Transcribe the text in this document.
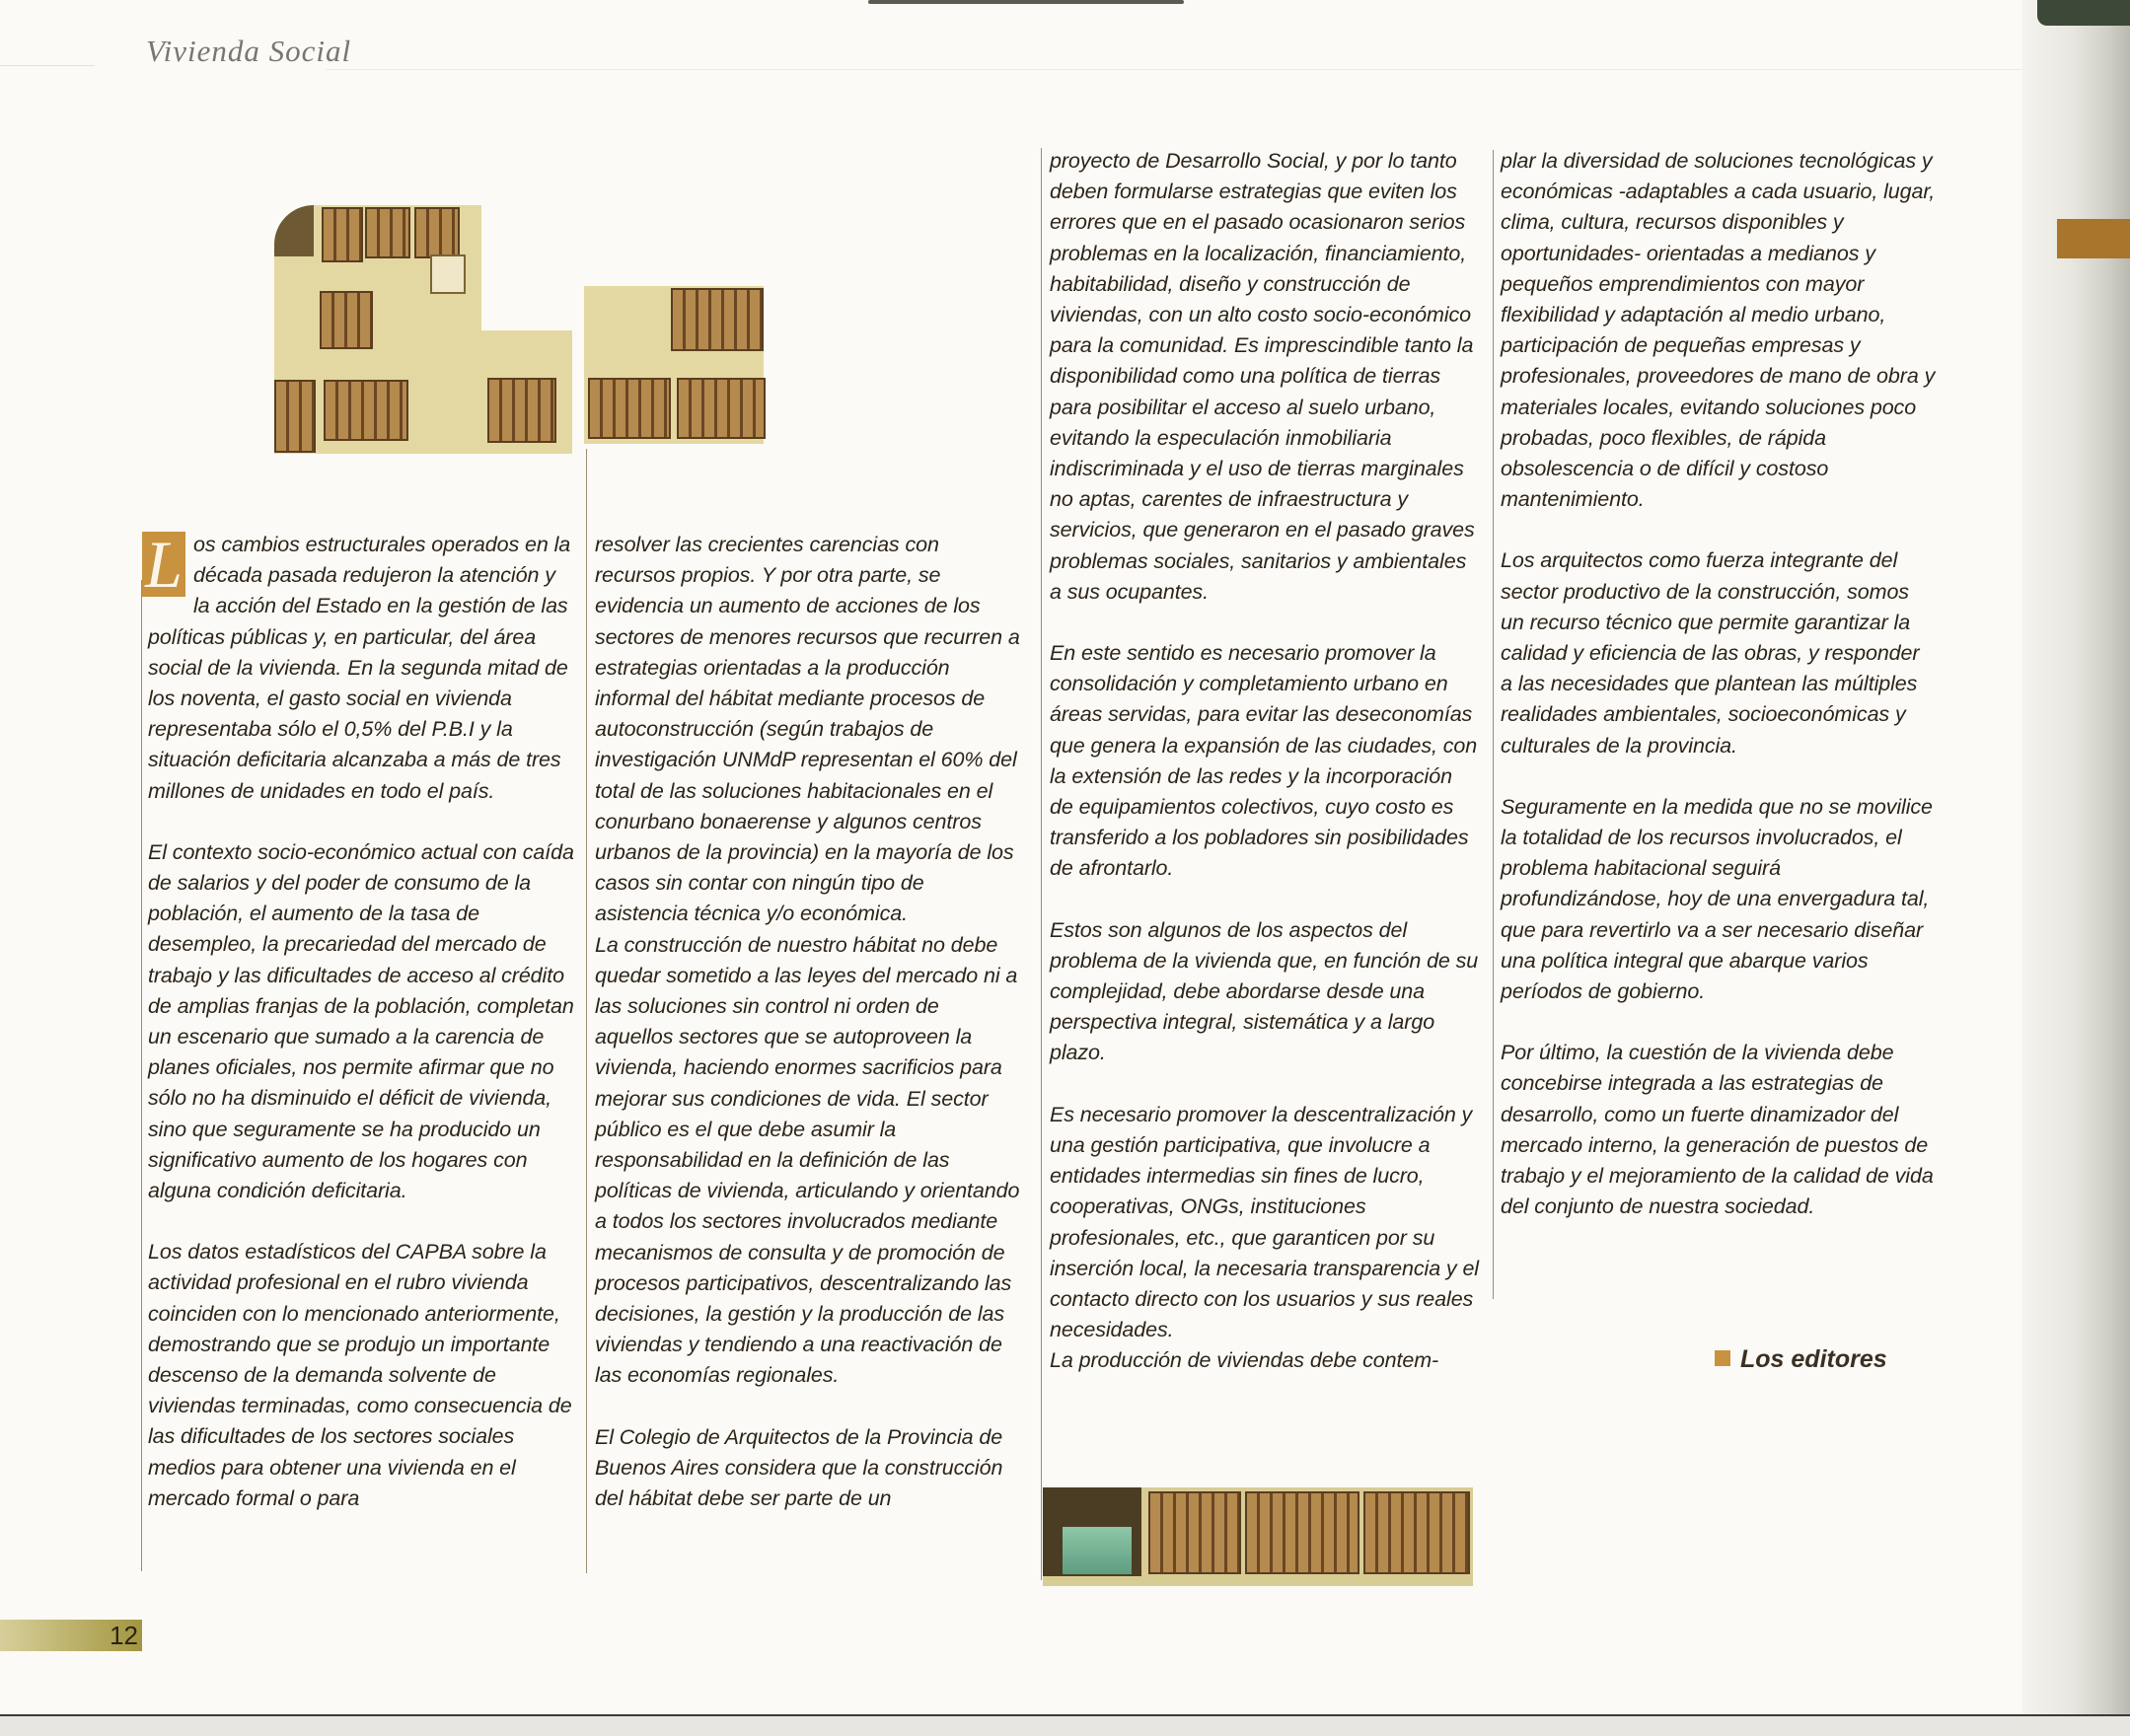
Vivienda Social

L os cambios estructurales operados en la década pasada redujeron la atención y la acción del Estado en la gestión de las políticas públicas y, en particular, del área social de la vivienda. En la segunda mitad de los noventa, el gasto social en vivienda representaba sólo el 0,5% del P.B.I y la situación deficitaria alcanzaba a más de tres millones de unidades en todo el país.

El contexto socio-económico actual con caída de salarios y del poder de consumo de la población, el aumento de la tasa de desempleo, la precariedad del mercado de trabajo y las dificultades de acceso al crédito de amplias franjas de la población, completan un escenario que sumado a la carencia de planes oficiales, nos permite afirmar que no sólo no ha disminuido el déficit de vivienda, sino que seguramente se ha producido un significativo aumento de los hogares con alguna condición deficitaria.

Los datos estadísticos del CAPBA sobre la actividad profesional en el rubro vivienda coinciden con lo mencionado anteriormente, demostrando que se produjo un importante descenso de la demanda solvente de viviendas terminadas, como consecuencia de las dificultades de los sectores sociales medios para obtener una vivienda en el mercado formal o para

resolver las crecientes carencias con recursos propios. Y por otra parte, se evidencia un aumento de acciones de los sectores de menores recursos que recurren a estrategias orientadas a la producción informal del hábitat mediante procesos de autoconstrucción (según trabajos de investigación UNMdP representan el 60% del total de las soluciones habitacionales en el conurbano bonaerense y algunos centros urbanos de la provincia) en la mayoría de los casos sin contar con ningún tipo de asistencia técnica y/o económica.

La construcción de nuestro hábitat no debe quedar sometido a las leyes del mercado ni a las soluciones sin control ni orden de aquellos sectores que se autoproveen la vivienda, haciendo enormes sacrificios para mejorar sus condiciones de vida. El sector público es el que debe asumir la responsabilidad en la definición de las políticas de vivienda, articulando y orientando a todos los sectores involucrados mediante mecanismos de consulta y de promoción de procesos participativos, descentralizando las decisiones, la gestión y la producción de las viviendas y tendiendo a una reactivación de las economías regionales.

El Colegio de Arquitectos de la Provincia de Buenos Aires considera que la construcción del hábitat debe ser parte de un

proyecto de Desarrollo Social, y por lo tanto deben formularse estrategias que eviten los errores que en el pasado ocasionaron serios problemas en la localización, financiamiento, habitabilidad, diseño y construcción de viviendas, con un alto costo socio-económico para la comunidad. Es imprescindible tanto la disponibilidad como una política de tierras para posibilitar el acceso al suelo urbano, evitando la especulación inmobiliaria indiscriminada y el uso de tierras marginales no aptas, carentes de infraestructura y servicios, que generaron en el pasado graves problemas sociales, sanitarios y ambientales a sus ocupantes.

En este sentido es necesario promover la consolidación y completamiento urbano en áreas servidas, para evitar las deseconomías que genera la expansión de las ciudades, con la extensión de las redes y la incorporación de equipamientos colectivos, cuyo costo es transferido a los pobladores sin posibilidades de afrontarlo.

Estos son algunos de los aspectos del problema de la vivienda que, en función de su complejidad, debe abordarse desde una perspectiva integral, sistemática y a largo plazo.

Es necesario promover la descentralización y una gestión participativa, que involucre a entidades intermedias sin fines de lucro, cooperativas, ONGs, instituciones profesionales, etc., que garanticen por su inserción local, la necesaria transparencia y el contacto directo con los usuarios y sus reales necesidades.

La producción de viviendas debe contem-

plar la diversidad de soluciones tecnológicas y económicas -adaptables a cada usuario, lugar, clima, cultura, recursos disponibles y oportunidades- orientadas a medianos y pequeños emprendimientos con mayor flexibilidad y adaptación al medio urbano, participación de pequeñas empresas y profesionales, proveedores de mano de obra y materiales locales, evitando soluciones poco probadas, poco flexibles, de rápida obsolescencia o de difícil y costoso mantenimiento.

Los arquitectos como fuerza integrante del sector productivo de la construcción, somos un recurso técnico que permite garantizar la calidad y eficiencia de las obras, y responder a las necesidades que plantean las múltiples realidades ambientales, socioeconómicas y culturales de la provincia.

Seguramente en la medida que no se movilice la totalidad de los recursos involucrados, el problema habitacional seguirá profundizándose, hoy de una envergadura tal, que para revertirlo va a ser necesario diseñar una política integral que abarque varios períodos de gobierno.

Por último, la cuestión de la vivienda debe concebirse integrada a las estrategias de desarrollo, como un fuerte dinamizador del mercado interno, la generación de puestos de trabajo y el mejoramiento de la calidad de vida del conjunto de nuestra sociedad.

Los editores
12
